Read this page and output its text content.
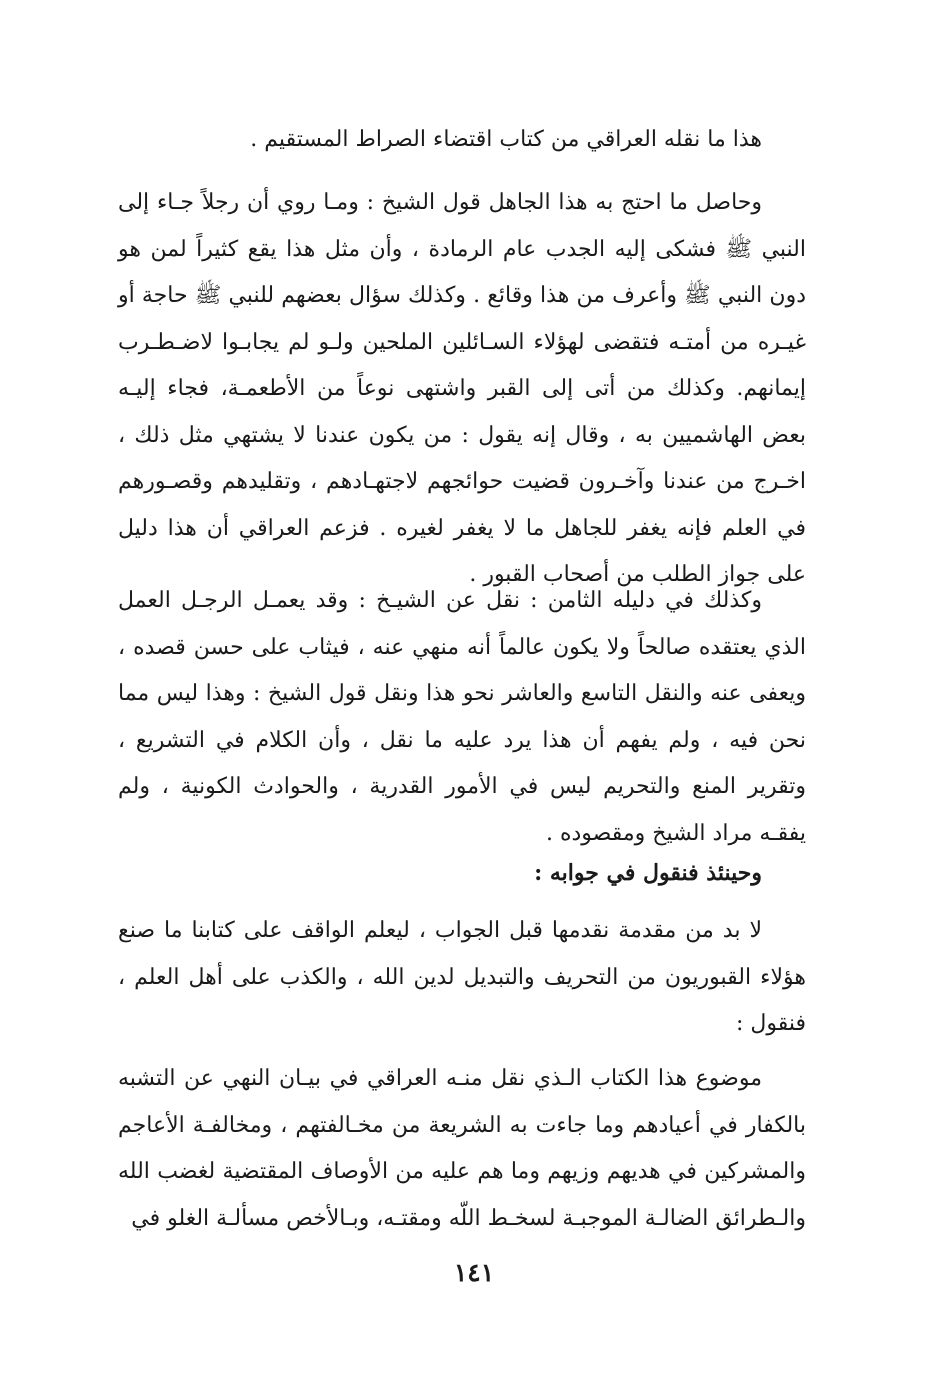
هذا ما نقله العراقي من كتاب اقتضاء الصراط المستقيم .

وحاصل ما احتج به هذا الجاهل قول الشيخ : ومـا روي أن رجلاً جـاء إلى النبي ﷺ فشكى إليه الجدب عام الرمادة ، وأن مثل هذا يقع كثيراً لمن هو دون النبي ﷺ وأعرف من هذا وقائع . وكذلك سؤال بعضهم للنبي ﷺ حاجة أو غيـره من أمتـه فتقضى لهؤلاء السـائلين الملحين ولـو لم يجابـوا لاضـطـرب إيمانهم. وكذلك من أتى إلى القبر واشتهى نوعاً من الأطعمـة، فجاء إليـه بعض الهاشميين به ، وقال إنه يقول : من يكون عندنا لا يشتهي مثل ذلك ، اخـرج من عندنا وآخـرون قضيت حوائجهم لاجتهـادهم ، وتقليدهم وقصـورهم في العلم فإنه يغفر للجاهل ما لا يغفر لغيره . فزعم العراقي أن هذا دليل على جواز الطلب من أصحاب القبور .

وكذلك في دليله الثامن : نقل عن الشيـخ : وقد يعمـل الرجـل العمل الذي يعتقده صالحاً ولا يكون عالماً أنه منهي عنه ، فيثاب على حسن قصده ، ويعفى عنه والنقل التاسع والعاشر نحو هذا ونقل قول الشيخ : وهذا ليس مما نحن فيه ، ولم يفهم أن هذا يرد عليه ما نقل ، وأن الكلام في التشريع ، وتقرير المنع والتحريم ليس في الأمور القدرية ، والحوادث الكونية ، ولم يفقـه مراد الشيخ ومقصوده .

وحينئذ فنقول في جوابه :

لا بد من مقدمة نقدمها قبل الجواب ، ليعلم الواقف على كتابنا ما صنع هؤلاء القبوريون من التحريف والتبديل لدين الله ، والكذب على أهل العلم ، فنقول :

موضوع هذا الكتاب الـذي نقل منـه العراقي في بيـان النهي عن التشبه بالكفار في أعيادهم وما جاءت به الشريعة من مخـالفتهم ، ومخالفـة الأعاجم والمشركين في هديهم وزيهم وما هم عليه من الأوصاف المقتضية لغضب الله والـطرائق الضالـة الموجبـة لسخـط اللّه ومقتـه، وبـالأخص مسألـة الغلو في

١٤١
